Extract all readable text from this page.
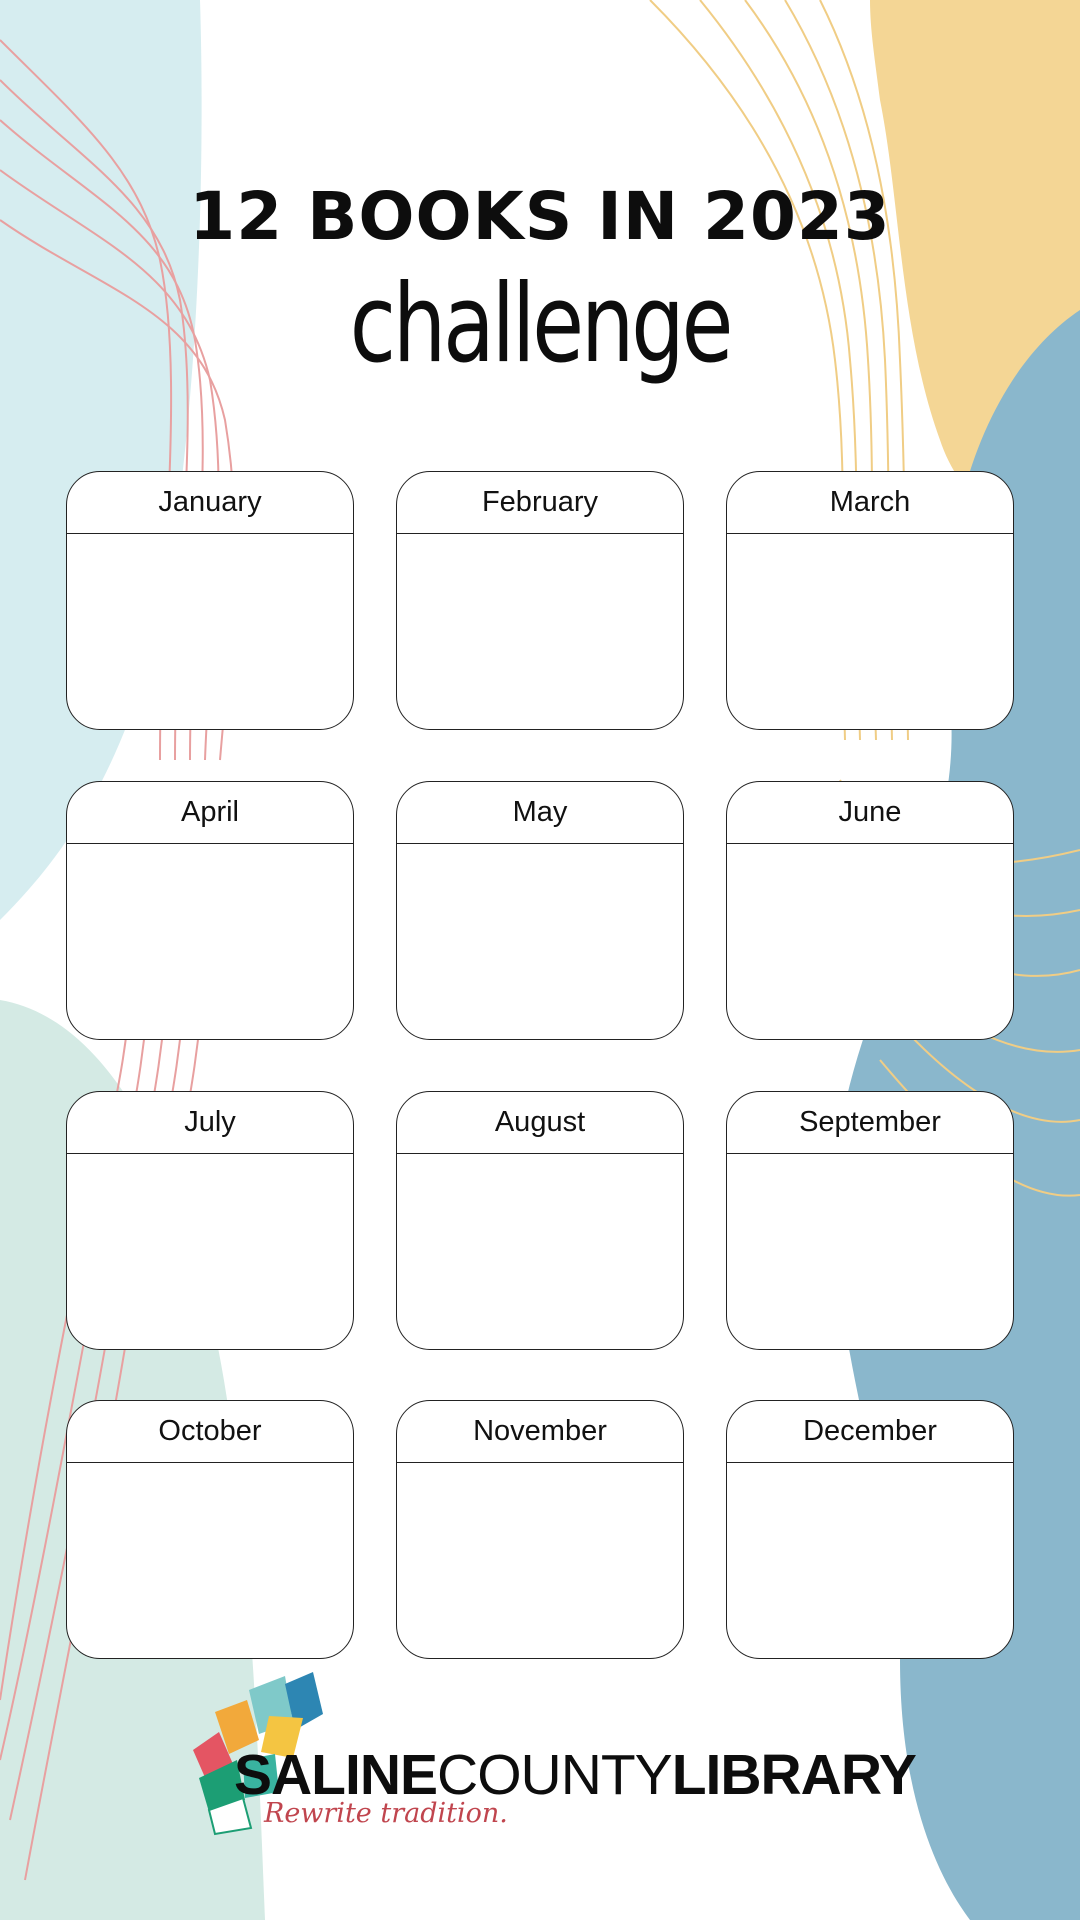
12 BOOKS IN 2023
challenge
January	February	March
April	May	June
July	August	September
October	November	December
SALINECOUNTYLIBRARY
Rewrite tradition.
